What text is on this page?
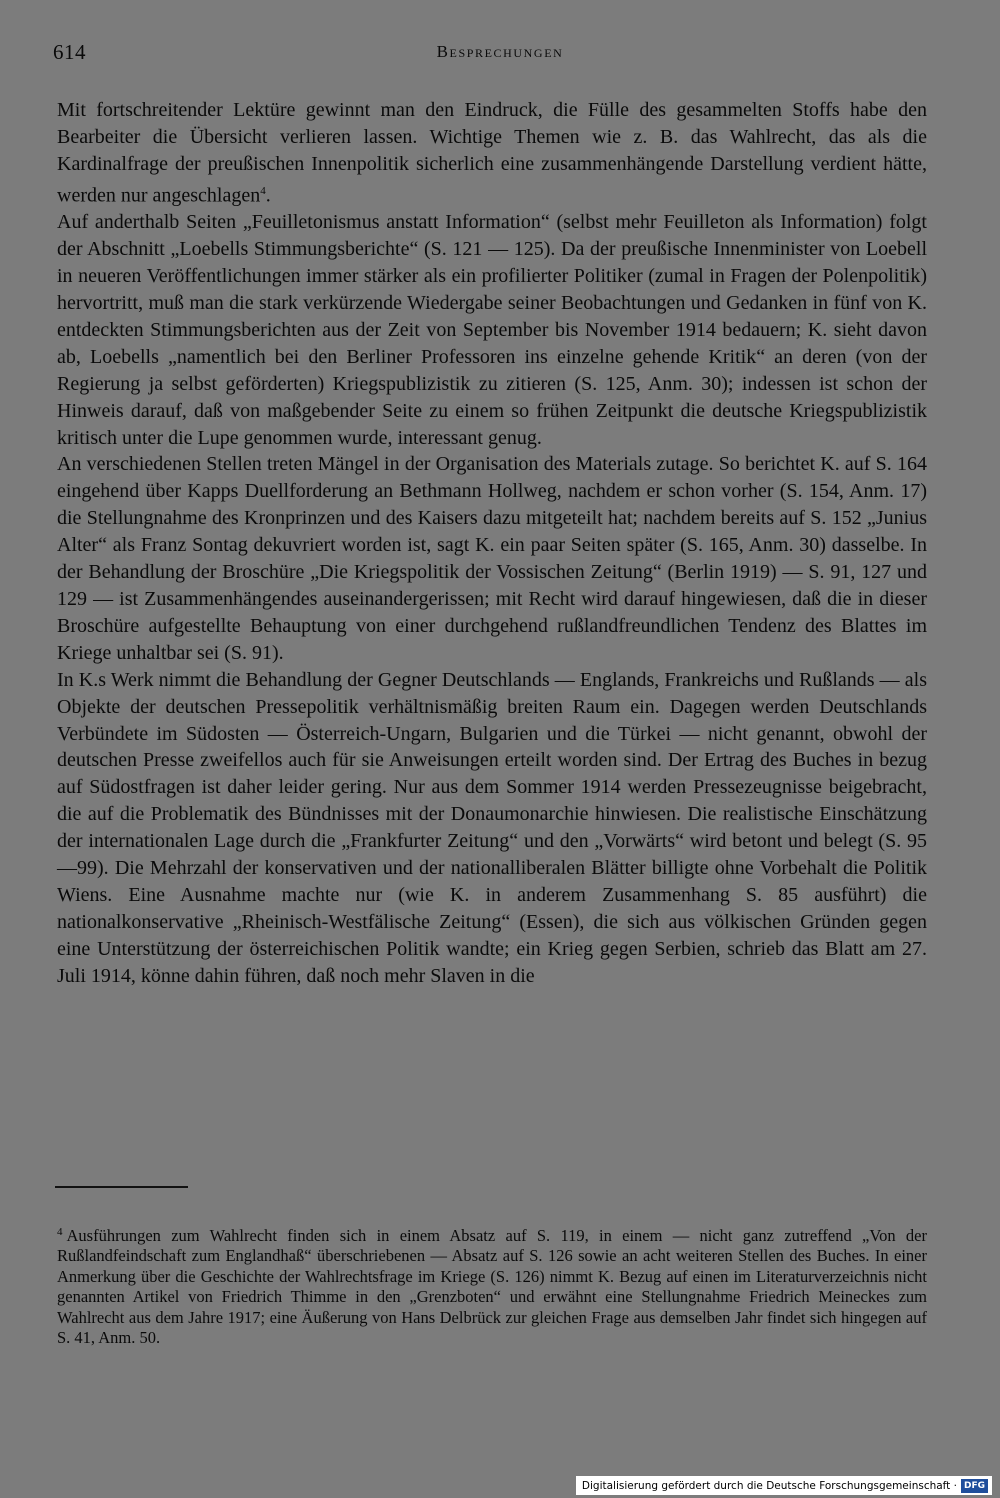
614	Besprechungen

Mit fortschreitender Lektüre gewinnt man den Eindruck, die Fülle des gesammelten Stoffs habe den Bearbeiter die Übersicht verlieren lassen. Wichtige Themen wie z. B. das Wahlrecht, das als die Kardinalfrage der preußischen Innenpolitik sicherlich eine zusammenhängende Darstellung verdient hätte, werden nur angeschlagen$^4$.

Auf anderthalb Seiten „Feuilletonismus anstatt Information“ (selbst mehr Feuilleton als Information) folgt der Abschnitt „Loebells Stimmungsberichte“ (S. 121 — 125). Da der preußische Innenminister von Loebell in neueren Veröffentlichungen immer stärker als ein profilierter Politiker (zumal in Fragen der Polenpolitik) hervortritt, muß man die stark verkürzende Wiedergabe seiner Beobachtungen und Gedanken in fünf von K. entdeckten Stimmungsberichten aus der Zeit von September bis November 1914 bedauern; K. sieht davon ab, Loebells „namentlich bei den Berliner Professoren ins einzelne gehende Kritik“ an deren (von der Regierung ja selbst geförderten) Kriegspublizistik zu zitieren (S. 125, Anm. 30); indessen ist schon der Hinweis darauf, daß von maßgebender Seite zu einem so frühen Zeitpunkt die deutsche Kriegspublizistik kritisch unter die Lupe genommen wurde, interessant genug.

An verschiedenen Stellen treten Mängel in der Organisation des Materials zutage. So berichtet K. auf S. 164 eingehend über Kapps Duellforderung an Bethmann Hollweg, nachdem er schon vorher (S. 154, Anm. 17) die Stellungnahme des Kronprinzen und des Kaisers dazu mitgeteilt hat; nachdem bereits auf S. 152 „Junius Alter“ als Franz Sontag dekuvriert worden ist, sagt K. ein paar Seiten später (S. 165, Anm. 30) dasselbe. In der Behandlung der Broschüre „Die Kriegspolitik der Vossischen Zeitung“ (Berlin 1919) — S. 91, 127 und 129 — ist Zusammenhängendes auseinandergerissen; mit Recht wird darauf hingewiesen, daß die in dieser Broschüre aufgestellte Behauptung von einer durchgehend rußlandfreundlichen Tendenz des Blattes im Kriege unhaltbar sei (S. 91).

In K.s Werk nimmt die Behandlung der Gegner Deutschlands — Englands, Frankreichs und Rußlands — als Objekte der deutschen Pressepolitik verhältnismäßig breiten Raum ein. Dagegen werden Deutschlands Verbündete im Südosten — Österreich-Ungarn, Bulgarien und die Türkei — nicht genannt, obwohl der deutschen Presse zweifellos auch für sie Anweisungen erteilt worden sind. Der Ertrag des Buches in bezug auf Südostfragen ist daher leider gering. Nur aus dem Sommer 1914 werden Pressezeugnisse beigebracht, die auf die Problematik des Bündnisses mit der Donaumonarchie hinwiesen. Die realistische Einschätzung der internationalen Lage durch die „Frankfurter Zeitung“ und den „Vorwärts“ wird betont und belegt (S. 95—99). Die Mehrzahl der konservativen und der nationalliberalen Blätter billigte ohne Vorbehalt die Politik Wiens. Eine Ausnahme machte nur (wie K. in anderem Zusammenhang S. 85 ausführt) die nationalkonservative „Rheinisch-Westfälische Zeitung“ (Essen), die sich aus völkischen Gründen gegen eine Unterstützung der österreichischen Politik wandte; ein Krieg gegen Serbien, schrieb das Blatt am 27. Juli 1914, könne dahin führen, daß noch mehr Slaven in die

$^4$ Ausführungen zum Wahlrecht finden sich in einem Absatz auf S. 119, in einem — nicht ganz zutreffend „Von der Rußlandfeindschaft zum Englandhaß“ überschriebenen — Absatz auf S. 126 sowie an acht weiteren Stellen des Buches. In einer Anmerkung über die Geschichte der Wahlrechtsfrage im Kriege (S. 126) nimmt K. Bezug auf einen im Literaturverzeichnis nicht genannten Artikel von Friedrich Thimme in den „Grenzboten“ und erwähnt eine Stellungnahme Friedrich Meineckes zum Wahlrecht aus dem Jahre 1917; eine Äußerung von Hans Delbrück zur gleichen Frage aus demselben Jahr findet sich hingegen auf S. 41, Anm. 50.
Digitalisierung gefördert durch die Deutsche Forschungsgemeinschaft · DFG
